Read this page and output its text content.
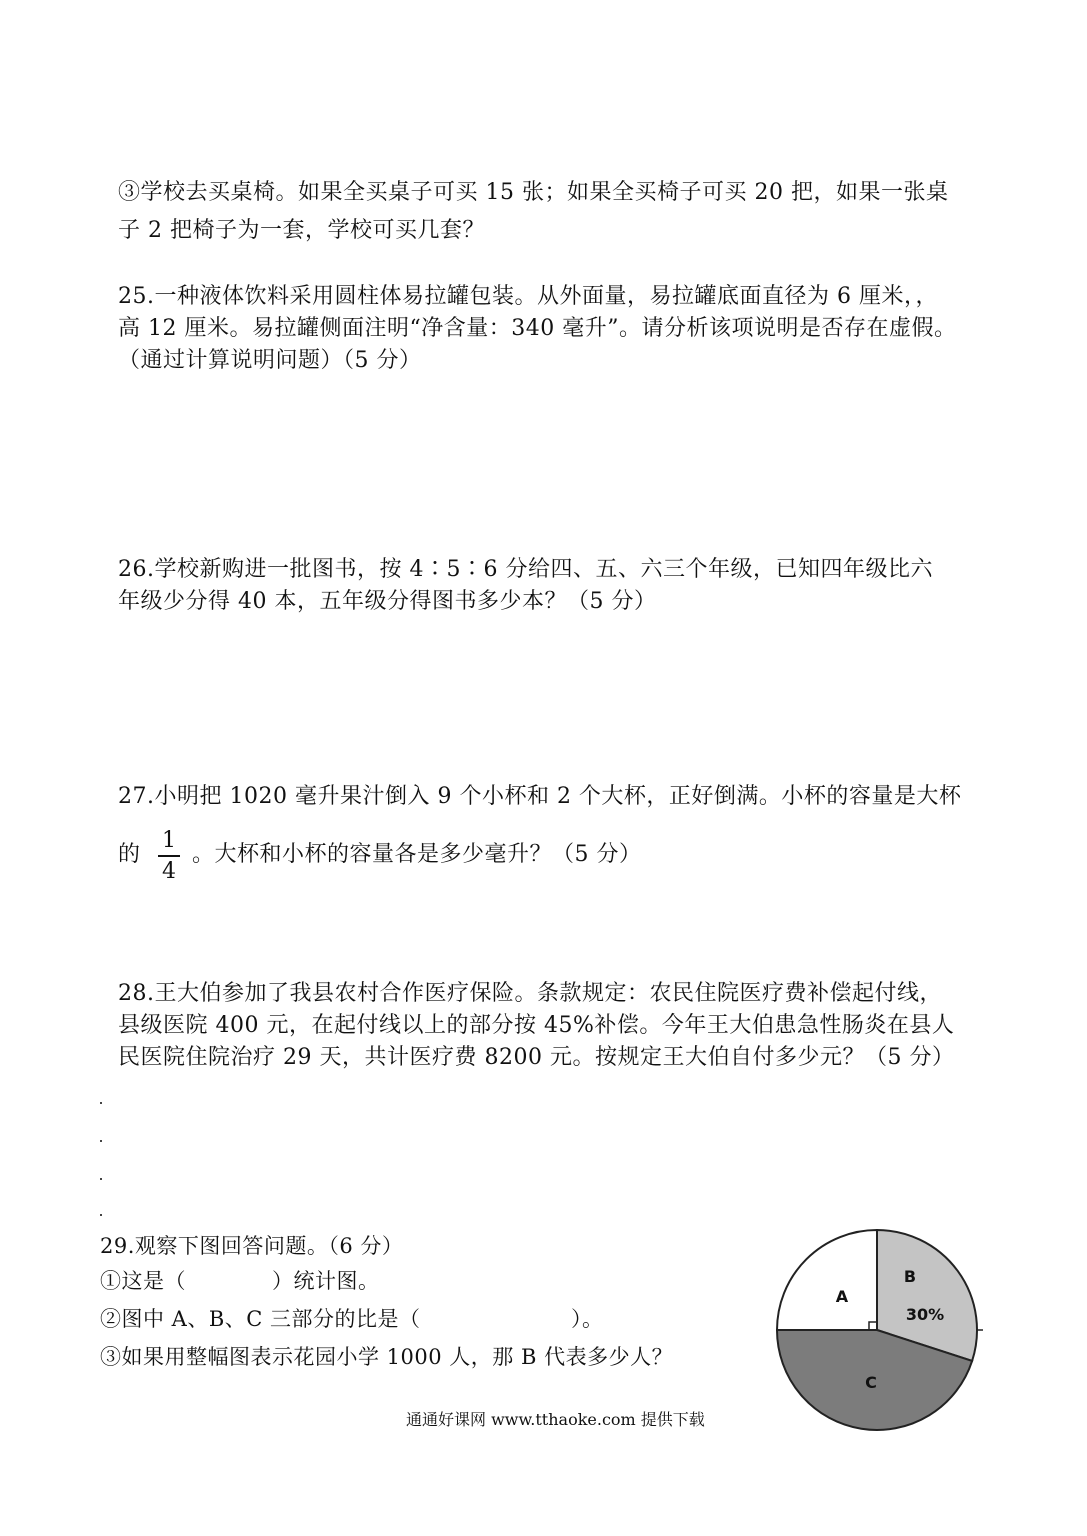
③学校去买桌椅。如果全买桌子可买 15 张；如果全买椅子可买 20 把，如果一张桌
子 2 把椅子为一套，学校可买几套？
25.一种液体饮料采用圆柱体易拉罐包装。从外面量，易拉罐底面直径为 6 厘米，，
高 12 厘米。易拉罐侧面注明“净含量：340 毫升”。请分析该项说明是否存在虚假。
（通过计算说明问题）（5 分）
26.学校新购进一批图书，按 4∶5∶6 分给四、五、六三个年级，已知四年级比六
年级少分得 40 本，五年级分得图书多少本？（5 分）
27.小明把 1020 毫升果汁倒入 9 个小杯和 2 个大杯，正好倒满。小杯的容量是大杯
的
1
4
。大杯和小杯的容量各是多少毫升？（5 分）
28.王大伯参加了我县农村合作医疗保险。条款规定：农民住院医疗费补偿起付线，
县级医院 400 元，在起付线以上的部分按 45%补偿。今年王大伯患急性肠炎在县人
民医院住院治疗 29 天，共计医疗费 8200 元。按规定王大伯自付多少元？（5 分）
29.观察下图回答问题。（6 分）
①这是（　　　　）统计图。
②图中 A、B、C 三部分的比是（　　　　　　　）。
③如果用整幅图表示花园小学 1000 人，那 B 代表多少人？
B
30%
C
A
通通好课网 www.tthaoke.com 提供下载
